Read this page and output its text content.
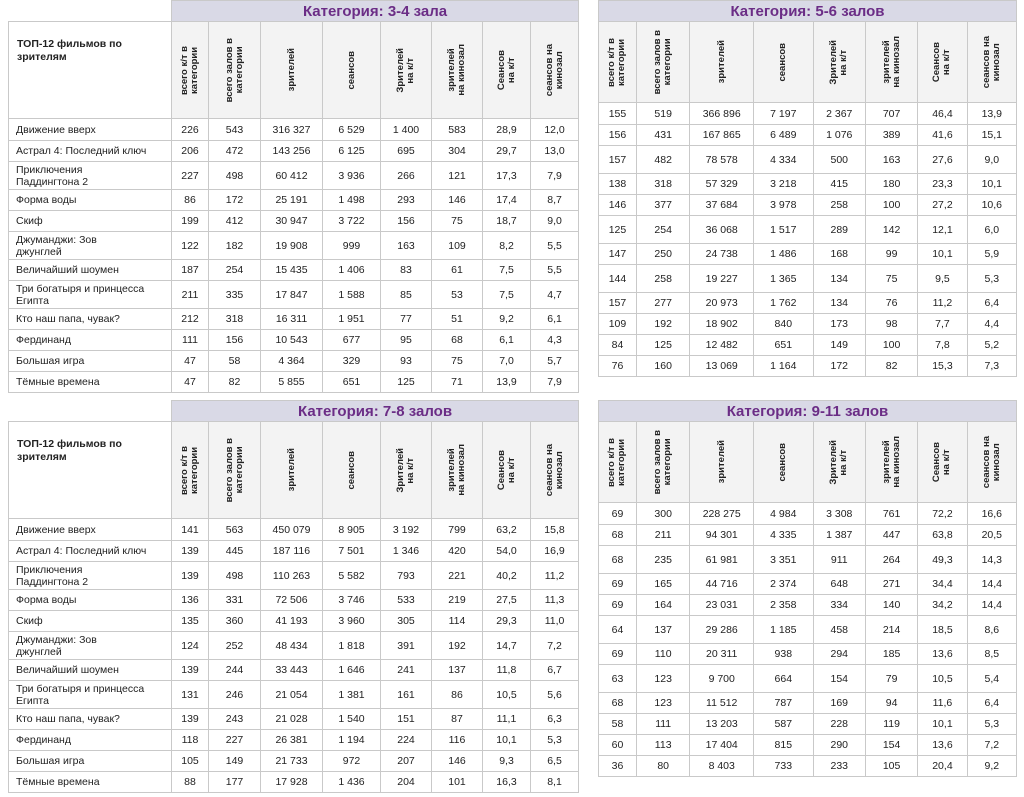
	Категория: 3-4 зала							
ТОП-12 фильмов по
зрителям	всего к/т в
категории	всего залов в
категории	зрителей	сеансов	Зрителей
на к/т	зрителей
на кинозал	Сеансов
на к/т	сеансов на
кинозал

Движение вверх	226	543	316 327	6 529	1 400	583	28,9	12,0
Астрал 4: Последний ключ	206	472	143 256	6 125	695	304	29,7	13,0
Приключения
Паддингтона 2	227	498	60 412	3 936	266	121	17,3	7,9
Форма воды	86	172	25 191	1 498	293	146	17,4	8,7
Скиф	199	412	30 947	3 722	156	75	18,7	9,0
Джуманджи: Зов
джунглей	122	182	19 908	999	163	109	8,2	5,5
Величайший шоумен	187	254	15 435	1 406	83	61	7,5	5,5
Три богатыря и принцесса
Египта	211	335	17 847	1 588	85	53	7,5	4,7
Кто наш папа, чувак?	212	318	16 311	1 951	77	51	9,2	6,1
Фердинанд	111	156	10 543	677	95	68	6,1	4,3
Большая игра	47	58	4 364	329	93	75	7,0	5,7
Тёмные времена	47	82	5 855	651	125	71	13,9	7,9
Категория: 5-6 залов							

всего к/т в
категории	всего залов в
категории	зрителей	сеансов	Зрителей
на к/т	зрителей
на кинозал	Сеансов
на к/т	сеансов на
кинозал

155	519	366 896	7 197	2 367	707	46,4	13,9
156	431	167 865	6 489	1 076	389	41,6	15,1
157	482	78 578	4 334	500	163	27,6	9,0
138	318	57 329	3 218	415	180	23,3	10,1
146	377	37 684	3 978	258	100	27,2	10,6
125	254	36 068	1 517	289	142	12,1	6,0
147	250	24 738	1 486	168	99	10,1	5,9
144	258	19 227	1 365	134	75	9,5	5,3
157	277	20 973	1 762	134	76	11,2	6,4
109	192	18 902	840	173	98	7,7	4,4
84	125	12 482	651	149	100	7,8	5,2
76	160	13 069	1 164	172	82	15,3	7,3
	Категория: 7-8 залов							
ТОП-12 фильмов по
зрителям	всего к/т в
категории	всего залов в
категории	зрителей	сеансов	Зрителей
на к/т	зрителей
на кинозал	Сеансов
на к/т	сеансов на
кинозал

Движение вверх	141	563	450 079	8 905	3 192	799	63,2	15,8
Астрал 4: Последний ключ	139	445	187 116	7 501	1 346	420	54,0	16,9
Приключения
Паддингтона 2	139	498	110 263	5 582	793	221	40,2	11,2
Форма воды	136	331	72 506	3 746	533	219	27,5	11,3
Скиф	135	360	41 193	3 960	305	114	29,3	11,0
Джуманджи: Зов
джунглей	124	252	48 434	1 818	391	192	14,7	7,2
Величайший шоумен	139	244	33 443	1 646	241	137	11,8	6,7
Три богатыря и принцесса
Египта	131	246	21 054	1 381	161	86	10,5	5,6
Кто наш папа, чувак?	139	243	21 028	1 540	151	87	11,1	6,3
Фердинанд	118	227	26 381	1 194	224	116	10,1	5,3
Большая игра	105	149	21 733	972	207	146	9,3	6,5
Тёмные времена	88	177	17 928	1 436	204	101	16,3	8,1
Категория: 9-11 залов							

всего к/т в
категории	всего залов в
категории	зрителей	сеансов	Зрителей
на к/т	зрителей
на кинозал	Сеансов
на к/т	сеансов на
кинозал

69	300	228 275	4 984	3 308	761	72,2	16,6
68	211	94 301	4 335	1 387	447	63,8	20,5
68	235	61 981	3 351	911	264	49,3	14,3
69	165	44 716	2 374	648	271	34,4	14,4
69	164	23 031	2 358	334	140	34,2	14,4
64	137	29 286	1 185	458	214	18,5	8,6
69	110	20 311	938	294	185	13,6	8,5
63	123	9 700	664	154	79	10,5	5,4
68	123	11 512	787	169	94	11,6	6,4
58	111	13 203	587	228	119	10,1	5,3
60	113	17 404	815	290	154	13,6	7,2
36	80	8 403	733	233	105	20,4	9,2
